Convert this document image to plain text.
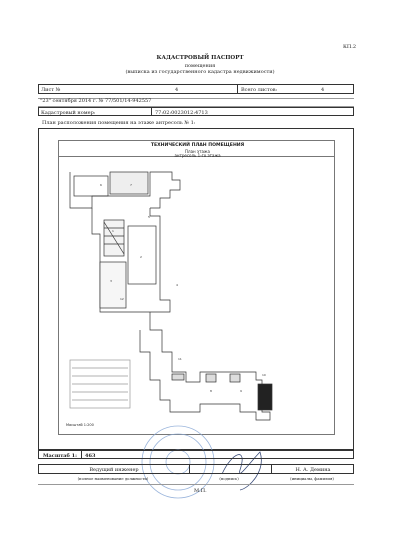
КП.2
КАДАСТРОВЫЙ ПАСПОРТ
помещения
(выписка из государственного кадастра недвижимости)
Лист №	4	Всего листов:	4
"23" сентября 2014 г. № 77/501/14-942557
Кадастровый номер:	77:02:0023012:4713
План расположения помещения на этаже антресоль № 1:
ТЕХНИЧЕСКИЙ ПЛАН ПОМЕЩЕНИЯ
План этажа
антресоль 1-го этажа
1
2
3
4
5
6	7
8	9
10
11
12
Масштаб 1:200
Масштаб 1: 463
Ведущий инженер	Н. А. Демина
(полное наименование должности)	(подпись)	(инициалы, фамилия)
М.П.
